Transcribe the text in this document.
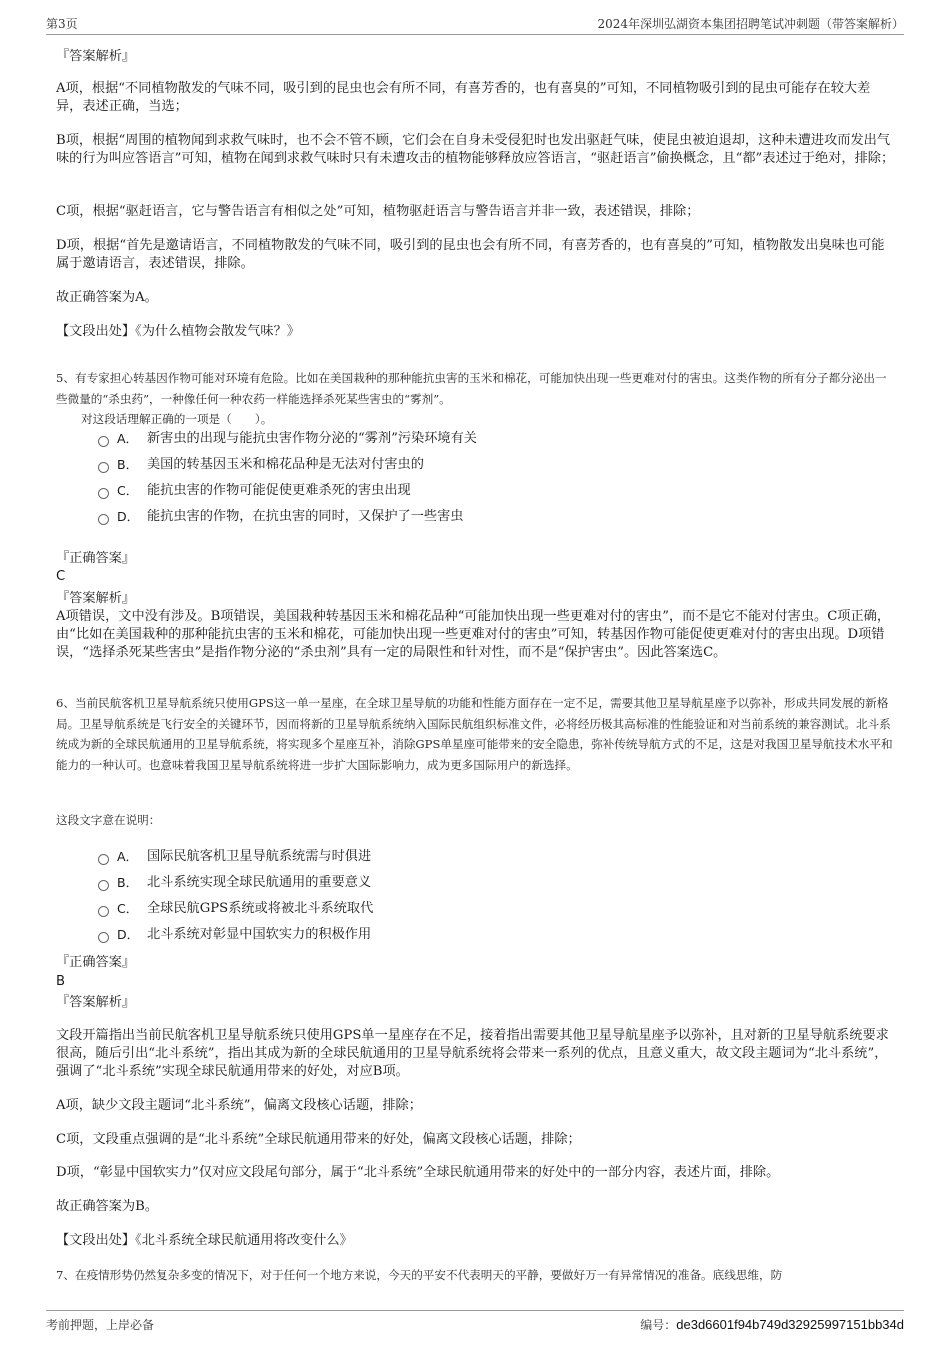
第3页	2024年深圳弘湖资本集团招聘笔试冲刺题（带答案解析）

『答案解析』

A项，根据“不同植物散发的气味不同，吸引到的昆虫也会有所不同，有喜芳香的，也有喜臭的”可知，不同植物吸引到的昆虫可能存在较大差异，表述正确，当选；

B项，根据“周围的植物闻到求救气味时，也不会不管不顾，它们会在自身未受侵犯时也发出驱赶气味，使昆虫被迫退却，这种未遭进攻而发出气味的行为叫应答语言”可知，植物在闻到求救气味时只有未遭攻击的植物能够释放应答语言，“驱赶语言”偷换概念，且“都”表述过于绝对，排除；

C项，根据“驱赶语言，它与警告语言有相似之处”可知，植物驱赶语言与警告语言并非一致，表述错误，排除；

D项，根据“首先是邀请语言，不同植物散发的气味不同，吸引到的昆虫也会有所不同，有喜芳香的，也有喜臭的”可知，植物散发出臭味也可能属于邀请语言，表述错误，排除。

故正确答案为A。

【文段出处】《为什么植物会散发气味？》

5、有专家担心转基因作物可能对环境有危险。比如在美国栽种的那种能抗虫害的玉米和棉花，可能加快出现一些更难对付的害虫。这类作物的所有分子都分泌出一些微量的“杀虫药”，一种像任何一种农药一样能选择杀死某些害虫的“雾剂”。

对这段话理解正确的一项是（　　）。

A． 新害虫的出现与能抗虫害作物分泌的“雾剂”污染环境有关
B． 美国的转基因玉米和棉花品种是无法对付害虫的
C． 能抗虫害的作物可能促使更难杀死的害虫出现
D． 能抗虫害的作物，在抗虫害的同时，又保护了一些害虫

『正确答案』

C

『答案解析』

A项错误，文中没有涉及。B项错误，美国栽种转基因玉米和棉花品种“可能加快出现一些更难对付的害虫”，而不是它不能对付害虫。C项正确，由“比如在美国栽种的那种能抗虫害的玉米和棉花，可能加快出现一些更难对付的害虫”可知，转基因作物可能促使更难对付的害虫出现。D项错误，“选择杀死某些害虫”是指作物分泌的“杀虫剂”具有一定的局限性和针对性，而不是“保护害虫”。因此答案选C。

6、当前民航客机卫星导航系统只使用GPS这一单一星座，在全球卫星导航的功能和性能方面存在一定不足，需要其他卫星导航星座予以弥补，形成共同发展的新格局。卫星导航系统是飞行安全的关键环节，因而将新的卫星导航系统纳入国际民航组织标准文件，必将经历极其高标准的性能验证和对当前系统的兼容测试。北斗系统成为新的全球民航通用的卫星导航系统，将实现多个星座互补，消除GPS单星座可能带来的安全隐患，弥补传统导航方式的不足，这是对我国卫星导航技术水平和能力的一种认可。也意味着我国卫星导航系统将进一步扩大国际影响力，成为更多国际用户的新选择。

这段文字意在说明：

A． 国际民航客机卫星导航系统需与时俱进
B． 北斗系统实现全球民航通用的重要意义
C． 全球民航GPS系统或将被北斗系统取代
D． 北斗系统对彰显中国软实力的积极作用

『正确答案』

B

『答案解析』

文段开篇指出当前民航客机卫星导航系统只使用GPS单一星座存在不足，接着指出需要其他卫星导航星座予以弥补，且对新的卫星导航系统要求很高，随后引出“北斗系统”，指出其成为新的全球民航通用的卫星导航系统将会带来一系列的优点，且意义重大，故文段主题词为“北斗系统”，强调了“北斗系统”实现全球民航通用带来的好处，对应B项。

A项，缺少文段主题词“北斗系统”，偏离文段核心话题，排除；

C项，文段重点强调的是“北斗系统”全球民航通用带来的好处，偏离文段核心话题，排除；

D项，“彰显中国软实力”仅对应文段尾句部分，属于“北斗系统”全球民航通用带来的好处中的一部分内容，表述片面，排除。

故正确答案为B。

【文段出处】《北斗系统全球民航通用将改变什么》

7、在疫情形势仍然复杂多变的情况下，对于任何一个地方来说，今天的平安不代表明天的平静，要做好万一有异常情况的准备。底线思维，防

考前押题，上岸必备	编号：de3d6601f94b749d32925997151bb34d
